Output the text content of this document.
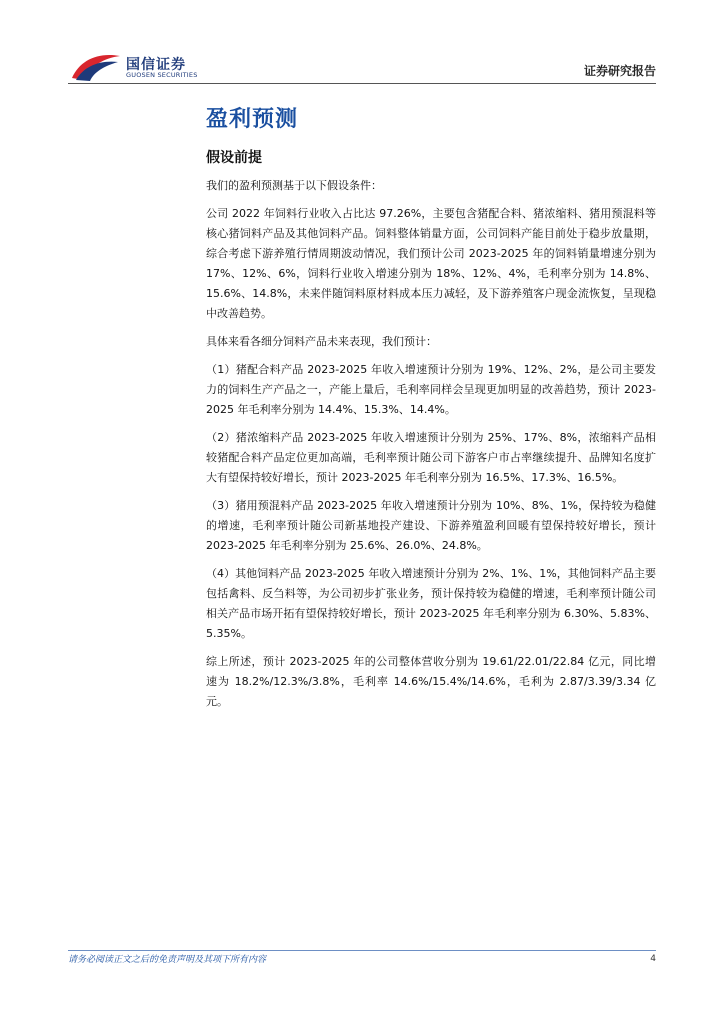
国信证券
GUOSEN SECURITIES	证券研究报告
盈利预测
假设前提

我们的盈利预测基于以下假设条件：

公司 2022 年饲料行业收入占比达 97.26%，主要包含猪配合料、猪浓缩料、猪用预混料等核心猪饲料产品及其他饲料产品。饲料整体销量方面，公司饲料产能目前处于稳步放量期，综合考虑下游养殖行情周期波动情况，我们预计公司 2023-2025 年的饲料销量增速分别为 17%、12%、6%，饲料行业收入增速分别为 18%、12%、4%，毛利率分别为 14.8%、15.6%、14.8%，未来伴随饲料原材料成本压力减轻，及下游养殖客户现金流恢复，呈现稳中改善趋势。

具体来看各细分饲料产品未来表现，我们预计：

（1）猪配合料产品 2023-2025 年收入增速预计分别为 19%、12%、2%，是公司主要发力的饲料生产产品之一，产能上量后，毛利率同样会呈现更加明显的改善趋势，预计 2023-2025 年毛利率分别为 14.4%、15.3%、14.4%。

（2）猪浓缩料产品 2023-2025 年收入增速预计分别为 25%、17%、8%，浓缩料产品相较猪配合料产品定位更加高端，毛利率预计随公司下游客户市占率继续提升、品牌知名度扩大有望保持较好增长，预计 2023-2025 年毛利率分别为 16.5%、17.3%、16.5%。

（3）猪用预混料产品 2023-2025 年收入增速预计分别为 10%、8%、1%，保持较为稳健的增速，毛利率预计随公司新基地投产建设、下游养殖盈利回暖有望保持较好增长，预计 2023-2025 年毛利率分别为 25.6%、26.0%、24.8%。

（4）其他饲料产品 2023-2025 年收入增速预计分别为 2%、1%、1%，其他饲料产品主要包括禽料、反刍料等，为公司初步扩张业务，预计保持较为稳健的增速，毛利率预计随公司相关产品市场开拓有望保持较好增长，预计 2023-2025 年毛利率分别为 6.30%、5.83%、5.35%。

综上所述，预计 2023-2025 年的公司整体营收分别为 19.61/22.01/22.84 亿元，同比增速为 18.2%/12.3%/3.8%，毛利率 14.6%/15.4%/14.6%，毛利为 2.87/3.39/3.34 亿元。

请务必阅读正文之后的免责声明及其项下所有内容	4
